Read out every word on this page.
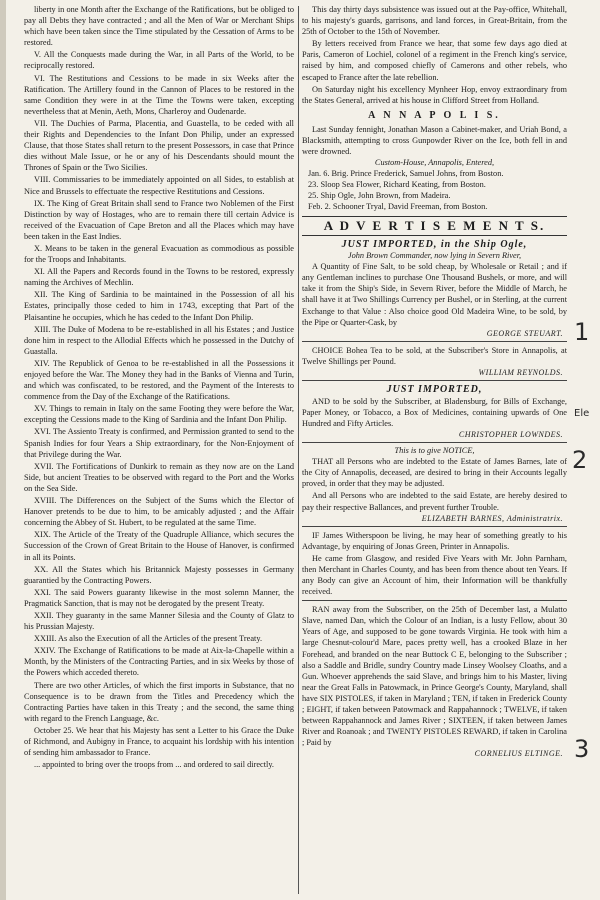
liberty in one Month after the Exchange of the Ratifications, but be obliged to pay all Debts they have contracted ; and all the Men of War or Merchant Ships which have been taken since the Time stipulated by the Cessation of Arms to be restored.

V. All the Conquests made during the War, in all Parts of the World, to be reciprocally restored.

VI. The Restitutions and Cessions to be made in six Weeks after the Ratification. The Artillery found in the Cannon of Places to be restored in the same Condition they were in at the Time the Towns were taken, excepting nevertheless that at Menin, Aeth, Mons, Charleroy and Oudenarde.

VII. The Duchies of Parma, Placentia, and Guastella, to be ceded with all their Rights and Dependencies to the Infant Don Philip, under an expressed Clause, that those States shall return to the present Possessors, in case that Prince dies without Male Issue, or he or any of his Descendants should mount the Thrones of Spain or the Two Sicilies.

VIII. Commissaries to be immediately appointed on all Sides, to establish at Nice and Brussels to effectuate the respective Restitutions and Cessions.

IX. The King of Great Britain shall send to France two Noblemen of the First Distinction by way of Hostages, who are to remain there till certain Advice is received of the Evacuation of Cape Breton and all the Places which may have been taken in the East Indies.

X. Means to be taken in the general Evacuation as commodious as possible for the Troops and Inhabitants.

XI. All the Papers and Records found in the Towns to be restored, expressly naming the Archives of Mechlin.

XII. The King of Sardinia to be maintained in the Possession of all his Estates, principally those ceded to him in 1743, excepting that Part of the Plaisantine he occupies, which he has ceded to the Infant Don Philip.

XIII. The Duke of Modena to be re-established in all his Estates ; and Justice done him in respect to the Allodial Effects which he possessed in the Dutchy of Guastalla.

XIV. The Republick of Genoa to be re-established in all the Possessions it enjoyed before the War. The Money they had in the Banks of Vienna and Turin, and which was confiscated, to be restored, and the Payment of the Interests to commence from the Day of the Exchange of the Ratifications.

XV. Things to remain in Italy on the same Footing they were before the War, excepting the Cessions made to the King of Sardinia and the Infant Don Philip.

XVI. The Assiento Treaty is confirmed, and Permission granted to send to the Spanish Indies for four Years a Ship extraordinary, for the Non-Enjoyment of that Privilege during the War.

XVII. The Fortifications of Dunkirk to remain as they now are on the Land Side, but ancient Treaties to be observed with regard to the Port and the Works on the Sea Side.

XVIII. The Differences on the Subject of the Sums which the Elector of Hanover pretends to be due to him, to be amicably adjusted ; and the Affair concerning the Abbey of St. Hubert, to be regulated at the same Time.

XIX. The Article of the Treaty of the Quadruple Alliance, which secures the Succession of the Crown of Great Britain to the House of Hanover, is confirmed in all its Points.

XX. All the States which his Britannick Majesty possesses in Germany guarantied by the Contracting Powers.

XXI. The said Powers guaranty likewise in the most solemn Manner, the Pragmatick Sanction, that is may not be derogated by the present Treaty.

XXII. They guaranty in the same Manner Silesia and the County of Glatz to his Prussian Majesty.

XXIII. As also the Execution of all the Articles of the present Treaty.

XXIV. The Exchange of Ratifications to be made at Aix-la-Chapelle within a Month, by the Ministers of the Contracting Parties, and in six Weeks by those of the Powers which acceded thereto.

There are two other Articles, of which the first imports in Substance, that no Consequence is to be drawn from the Titles and Precedency which the Contracting Parties have taken in this Treaty ; and the second, the same thing with regard to the French Language, &c.

October 25. We hear that his Majesty has sent a Letter to his Grace the Duke of Richmond, and Aubigny in France, to acquaint his lordship with his intention of sending him ambassador to France.

... appointed to bring over the troops from ... and ordered to sail directly.

This day thirty days subsistence was issued out at the Pay-office, Whitehall, to his majesty's guards, garrisons, and land forces, in Great-Britain, from the 25th of October to the 15th of November.

By letters received from France we hear, that some few days ago died at Paris, Cameron of Lochiel, colonel of a regiment in the French king's service, raised by him, and composed chiefly of Camerons and other rebels, who escaped to France after the late rebellion.

On Saturday night his excellency Mynheer Hop, envoy extraordinary from the States General, arrived at his house in Clifford Street from Holland.

A N N A P O L I S.

Last Sunday fennight, Jonathan Mason a Cabinet-maker, and Uriah Bond, a Blacksmith, attempting to cross Gunpowder River on the Ice, both fell in and were drowned.

Custom-House, Annapolis, Entered,
Jan. 6. Brig. Prince Frederick, Samuel Johns, from Boston.
23. Sloop Sea Flower, Richard Keating, from Boston.
25. Ship Ogle, John Brown, from Madeira.
Feb. 2. Schooner Tryal, David Freeman, from Boston.
A D V E R T I S E M E N T S.
JUST IMPORTED, in the Ship Ogle,
John Brown Commander, now lying in Severn River,

A Quantity of Fine Salt, to be sold cheap, by Wholesale or Retail ; and if any Gentleman inclines to purchase One Thousand Bushels, or more, and will take it from the Ship's Side, in Severn River, before the Middle of March, he shall have it at Two Shillings Currency per Bushel, or in Sterling, at the current Exchange to that Value : Also choice good Old Madeira Wine, to be sold, by the Pipe or Quarter-Cask, by

GEORGE STEUART.

CHOICE Bohea Tea to be sold, at the Subscriber's Store in Annapolis, at Twelve Shillings per Pound.

WILLIAM REYNOLDS.
JUST IMPORTED,

AND to be sold by the Subscriber, at Bladensburg, for Bills of Exchange, Paper Money, or Tobacco, a Box of Medicines, containing upwards of One Hundred and Fifty Articles.

CHRISTOPHER LOWNDES.
This is to give NOTICE,

THAT all Persons who are indebted to the Estate of James Barnes, late of the City of Annapolis, deceased, are desired to bring in their Accounts legally proved, in order that they may be adjusted.

And all Persons who are indebted to the said Estate, are hereby desired to pay their respective Ballances, and prevent further Trouble.

ELIZABETH BARNES, Administratrix.

IF James Witherspoon be living, he may hear of something greatly to his Advantage, by enquiring of Jonas Green, Printer in Annapolis.

He came from Glasgow, and resided Five Years with Mr. John Parnham, then Merchant in Charles County, and has been from thence about ten Years. If any Body can give an Account of him, their Information will be thankfully received.

RAN away from the Subscriber, on the 25th of December last, a Mulatto Slave, named Dan, which the Colour of an Indian, is a lusty Fellow, about 30 Years of Age, and supposed to be gone towards Virginia. He took with him a large Chesnut-colour'd Mare, paces pretty well, has a crooked Blaze in her Forehead, and branded on the near Buttock C E, belonging to the Subscriber ; also a Saddle and Bridle, sundry Country made Linsey Woolsey Cloaths, and a Gun. Whoever apprehends the said Slave, and brings him to his Master, living near the Great Falls in Patowmack, in Prince George's County, Maryland, shall have SIX PISTOLES, if taken in Maryland ; TEN, if taken in Frederick County ; EIGHT, if taken between Patowmack and Rappahannock ; TWELVE, if taken between Rappahannock and James River ; SIXTEEN, if taken between James River and Roanoak ; and TWENTY PISTOLES REWARD, if taken in Carolina ; Paid by

CORNELIUS ELTINGE.
1
2
3
Ele
